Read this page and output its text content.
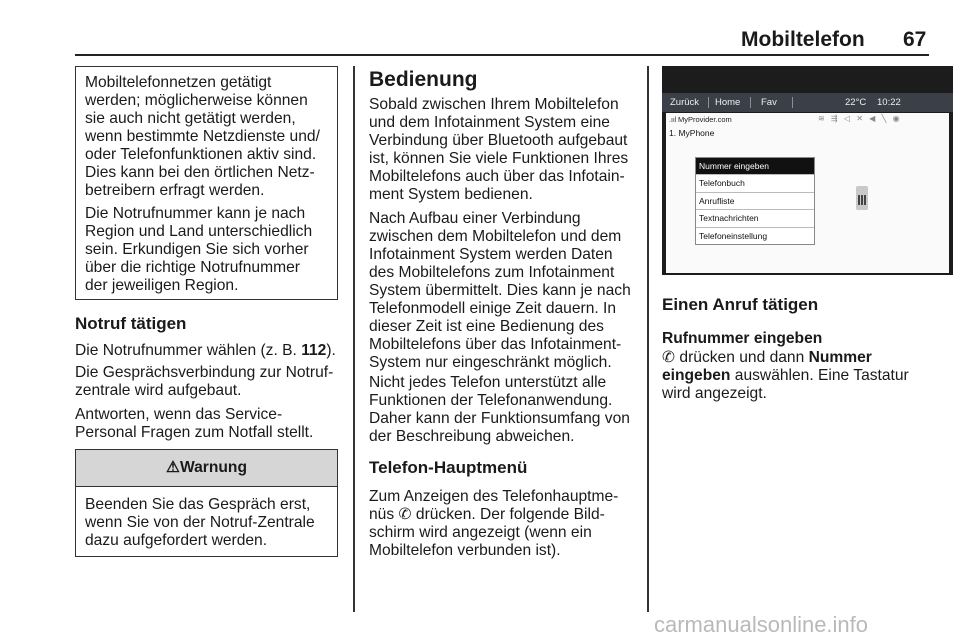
Mobiltelefon 67
Mobiltelefonnetzen getätigt
werden; möglicherweise können
sie auch nicht getätigt werden,
wenn bestimmte Netzdienste und/
oder Telefonfunktionen aktiv sind.
Dies kann bei den örtlichen Netz-
betreibern erfragt werden.
Die Notrufnummer kann je nach
Region und Land unterschiedlich
sein. Erkundigen Sie sich vorher
über die richtige Notrufnummer
der jeweiligen Region.
Notruf tätigen
Die Notrufnummer wählen (z. B. 112).
Die Gesprächsverbindung zur Notruf-
zentrale wird aufgebaut.
Antworten, wenn das Service-
Personal Fragen zum Notfall stellt.
⚠Warnung
Beenden Sie das Gespräch erst,
wenn Sie von der Notruf-Zentrale
dazu aufgefordert werden.
Bedienung
Sobald zwischen Ihrem Mobiltelefon
und dem Infotainment System eine
Verbindung über Bluetooth aufgebaut
ist, können Sie viele Funktionen Ihres
Mobiltelefons auch über das Infotain-
ment System bedienen.
Nach Aufbau einer Verbindung
zwischen dem Mobiltelefon und dem
Infotainment System werden Daten
des Mobiltelefons zum Infotainment
System übermittelt. Dies kann je nach
Telefonmodell einige Zeit dauern. In
dieser Zeit ist eine Bedienung des
Mobiltelefons über das Infotainment-
System nur eingeschränkt möglich.
Nicht jedes Telefon unterstützt alle
Funktionen der Telefonanwendung.
Daher kann der Funktionsumfang von
der Beschreibung abweichen.
Telefon-Hauptmenü
Zum Anzeigen des Telefonhauptme-
nüs ✆ drücken. Der folgende Bild-
schirm wird angezeigt (wenn ein
Mobiltelefon verbunden ist).
Zurück Home Fav	22°C 10:22
.ııl MyProvider.com	≋ ⇶ ◁ ✕ ◀ ╲ ◉
1. MyPhone
Nummer eingeben
Telefonbuch
Anrufliste
Textnachrichten
Telefoneinstellung
Einen Anruf tätigen
Rufnummer eingeben
✆ drücken und dann Nummer
eingeben auswählen. Eine Tastatur
wird angezeigt.
carmanualsonline.info
